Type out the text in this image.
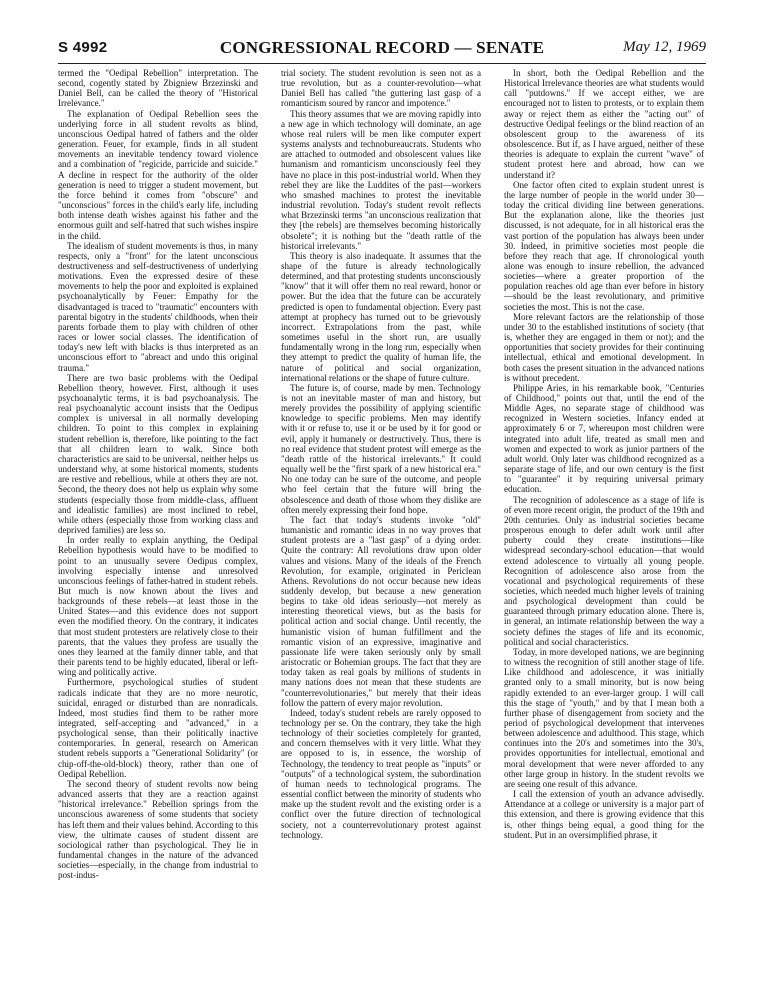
S 4992	CONGRESSIONAL RECORD — SENATE	May 12, 1969

termed the "Oedipal Rebellion" interpretation. The second, cogently stated by Zbigniew Brzezinski and Daniel Bell, can be called the theory of "Historical Irrelevance."

The explanation of Oedipal Rebellion sees the underlying force in all student revolts as blind, unconscious Oedipal hatred of fathers and the older generation. Feuer, for example, finds in all student movements an inevitable tendency toward violence and a combination of "regicide, parricide and suicide." A decline in respect for the authority of the older generation is need to trigger a student movement, but the force behind it comes from "obscure" and "unconscious" forces in the child's early life, including both intense death wishes against his father and the enormous guilt and self-hatred that such wishes inspire in the child.

The idealism of student movements is thus, in many respects, only a "front" for the latent unconscious destructiveness and self-destructiveness of underlying motivations. Even the expressed desire of these movements to help the poor and exploited is explained psychoanalytically by Feuer: Empathy for the disadvantaged is traced to "traumatic" encounters with parental bigotry in the students' childhoods, when their parents forbade them to play with children of other races or lower social classes. The identification of today's new left with blacks is thus interpreted as an unconscious effort to "abreact and undo this original trauma."

There are two basic problems with the Oedipal Rebellion theory, however. First, although it uses psychoanalytic terms, it is bad psychoanalysis. The real psychoanalytic account insists that the Oedipus complex is universal in all normally developing children. To point to this complex in explaining student rebellion is, therefore, like pointing to the fact that all children learn to walk. Since both characteristics are said to be universal, neither helps us understand why, at some historical moments, students are restive and rebellious, while at others they are not. Second, the theory does not help us explain why some students (especially those from middle-class, affluent and idealistic families) are most inclined to rebel, while others (especially those from working class and deprived families) are less so.

In order really to explain anything, the Oedipal Rebellion hypothesis would have to be modified to point to an unusually severe Oedipus complex, involving especially intense and unresolved unconscious feelings of father-hatred in student rebels. But much is now known about the lives and backgrounds of these rebels—at least those in the United States—and this evidence does not support even the modified theory. On the contrary, it indicates that most student protesters are relatively close to their parents, that the values they profess are usually the ones they learned at the family dinner table, and that their parents tend to be highly educated, liberal or left-wing and politically active.

Furthermore, psychological studies of student radicals indicate that they are no more neurotic, suicidal, enraged or disturbed than are nonradicals. Indeed, most studies find them to be rather more integrated, self-accepting and "advanced," in a psychological sense, than their politically inactive contemporaries. In general, research on American student rebels supports a "Generational Solidarity" (or chip-off-the-old-block) theory, rather than one of Oedipal Rebellion.

The second theory of student revolts now being advanced asserts that they are a reaction against "historical irrelevance." Rebellion springs from the unconscious awareness of some students that society has left them and their values behind. According to this view, the ultimate causes of student dissent are sociological rather than psychological. They lie in fundamental changes in the nature of the advanced societies—especially, in the change from industrial to post-indus-

trial society. The student revolution is seen not as a true revolution, but as a counter-revolution—what Daniel Bell has called "the guttering last gasp of a romanticism soured by rancor and impotence."

This theory assumes that we are moving rapidly into a new age in which technology will dominate, an age whose real rulers will be men like computer expert systems analysts and technobureaucrats. Students who are attached to outmoded and obsolescent values like humanism and romanticism unconsciously feel they have no place in this post-industrial world. When they rebel they are like the Luddites of the past—workers who smashed machines to protest the inevitable industrial revolution. Today's student revolt reflects what Brzezinski terms "an unconscious realization that they [the rebels] are themselves becoming historically obsolete"; it is nothing but the "death rattle of the historical irrelevants."

This theory is also inadequate. It assumes that the shape of the future is already technologically determined, and that protesting students unconsciously "know" that it will offer them no real reward, honor or power. But the idea that the future can be accurately predicted is open to fundamental objection. Every past attempt at prophecy has turned out to be grievously incorrect. Extrapolations from the past, while sometimes useful in the short run, are usually fundamentally wrong in the long run, especially when they attempt to predict the quality of human life, the nature of political and social organization, international relations or the shape of future culture.

The future is, of course, made by men. Technology is not an inevitable master of man and history, but merely provides the possibility of applying scientific knowledge to specific problems. Men may identify with it or refuse to, use it or be used by it for good or evil, apply it humanely or destructively. Thus, there is no real evidence that student protest will emerge as the "death rattle of the historical irrelevants." It could equally well be the "first spark of a new historical era." No one today can be sure of the outcome, and people who feel certain that the future will bring the obsolescence and death of those whom they dislike are often merely expressing their fond hope.

The fact that today's students invoke "old" humanistic and romantic ideas in no way proves that student protests are a "last gasp" of a dying order. Quite the contrary: All revolutions draw upon older values and visions. Many of the ideals of the French Revolution, for example, originated in Periclean Athens. Revolutions do not occur because new ideas suddenly develop, but because a new generation begins to take old ideas seriously—not merely as interesting theoretical views, but as the basis for political action and social change. Until recently, the humanistic vision of human fulfillment and the romantic vision of an expressive, imaginative and passionate life were taken seriously only by small aristocratic or Bohemian groups. The fact that they are today taken as real goals by millions of students in many nations does not mean that these students are "counterrevolutionaries," but merely that their ideas follow the pattern of every major revolution.

Indeed, today's student rebels are rarely opposed to technology per se. On the contrary, they take the high technology of their societies completely for granted, and concern themselves with it very little. What they are opposed to is, in essence, the worship of Technology, the tendency to treat people as "inputs" or "outputs" of a technological system, the subordination of human needs to technological programs. The essential conflict between the minority of students who make up the student revolt and the existing order is a conflict over the future direction of technological society, not a counterrevolutionary protest against technology.

In short, both the Oedipal Rebellion and the Historical Irrelevance theories are what students would call "putdowns." If we accept either, we are encouraged not to listen to protests, or to explain them away or reject them as either the "acting out" of destructive Oedipal feelings or the blind reaction of an obsolescent group to the awareness of its obsolescence. But if, as I have argued, neither of these theories is adequate to explain the current "wave" of student protest here and abroad, how can we understand it?

One factor often cited to explain student unrest is the large number of people in the world under 30—today the critical dividing line between generations. But the explanation alone, like the theories just discussed, is not adequate, for in all historical eras the vast portion of the population has always been under 30. Indeed, in primitive societies most people die before they reach that age. If chronological youth alone was enough to insure rebellion, the advanced societies—where a greater proportion of the population reaches old age than ever before in history—should be the least revolutionary, and primitive societies the most. This is not the case.

More relevant factors are the relationship of those under 30 to the established institutions of society (that is, whether they are engaged in them or not); and the opportunities that society provides for their continuing intellectual, ethical and emotional development. In both cases the present situation in the advanced nations is without precedent.

Philippe Aries, in his remarkable book, "Centuries of Childhood," points out that, until the end of the Middle Ages, no separate stage of childhood was recognized in Western societies. Infancy ended at approximately 6 or 7, whereupon most children were integrated into adult life, treated as small men and women and expected to work as junior partners of the adult world. Only later was childhood recognized as a separate stage of life, and our own century is the first to "guarantee" it by requiring universal primary education.

The recognition of adolescence as a stage of life is of even more recent origin, the product of the 19th and 20th centuries. Only as industrial societies became prosperous enough to defer adult work until after puberty could they create institutions—like widespread secondary-school education—that would extend adolescence to virtually all young people. Recognition of adolescence also arose from the vocational and psychological requirements of these societies, which needed much higher levels of training and psychological development than could be guaranteed through primary education alone. There is, in general, an intimate relationship between the way a society defines the stages of life and its economic, political and social characteristics.

Today, in more developed nations, we are beginning to witness the recognition of still another stage of life. Like childhood and adolescence, it was initially granted only to a small minority, but is now being rapidly extended to an ever-larger group. I will call this the stage of "youth," and by that I mean both a further phase of disengagement from society and the period of psychological development that intervenes between adolescence and adulthood. This stage, which continues into the 20's and sometimes into the 30's, provides opportunities for intellectual, emotional and moral development that were never afforded to any other large group in history. In the student revolts we are seeing one result of this advance.

I call the extension of youth an advance advisedly. Attendance at a college or university is a major part of this extension, and there is growing evidence that this is, other things being equal, a good thing for the student. Put in an oversimplified phrase, it
